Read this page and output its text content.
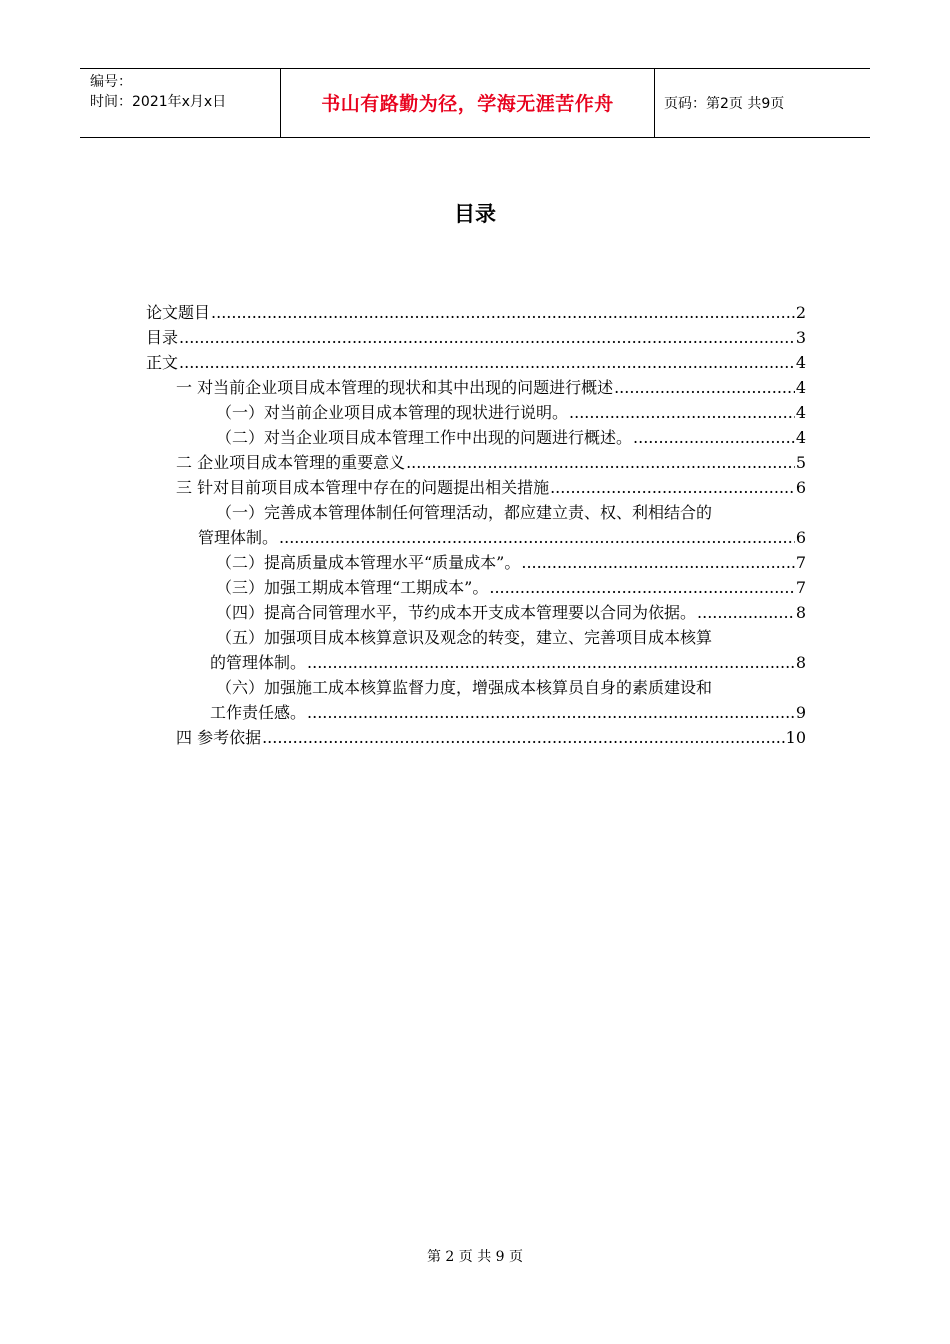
编号：
时间：2021年x月x日	书山有路勤为径，学海无涯苦作舟	页码：第2页 共9页
目录
论文题目 .....	2
目录 .....	3
正文 .....	4
一 对当前企业项目成本管理的现状和其中出现的问题进行概述 .....	4
（一）对当前企业项目成本管理的现状进行说明。 .....	4
（二）对当企业项目成本管理工作中出现的问题进行概述。 .....	4
二 企业项目成本管理的重要意义 .....	5
三 针对目前项目成本管理中存在的问题提出相关措施 .....	6
（一）完善成本管理体制任何管理活动，都应建立责、权、利相结合的
管理体制。 .....	6
（二）提高质量成本管理水平“质量成本”。 .....	7
（三）加强工期成本管理“工期成本”。 .....	7
（四）提高合同管理水平，节约成本开支成本管理要以合同为依据。 .....	8
（五）加强项目成本核算意识及观念的转变，建立、完善项目成本核算
的管理体制。 .....	8
（六）加强施工成本核算监督力度，增强成本核算员自身的素质建设和
工作责任感。 .....	9
四 参考依据 .....	10
第 2 页 共 9 页
